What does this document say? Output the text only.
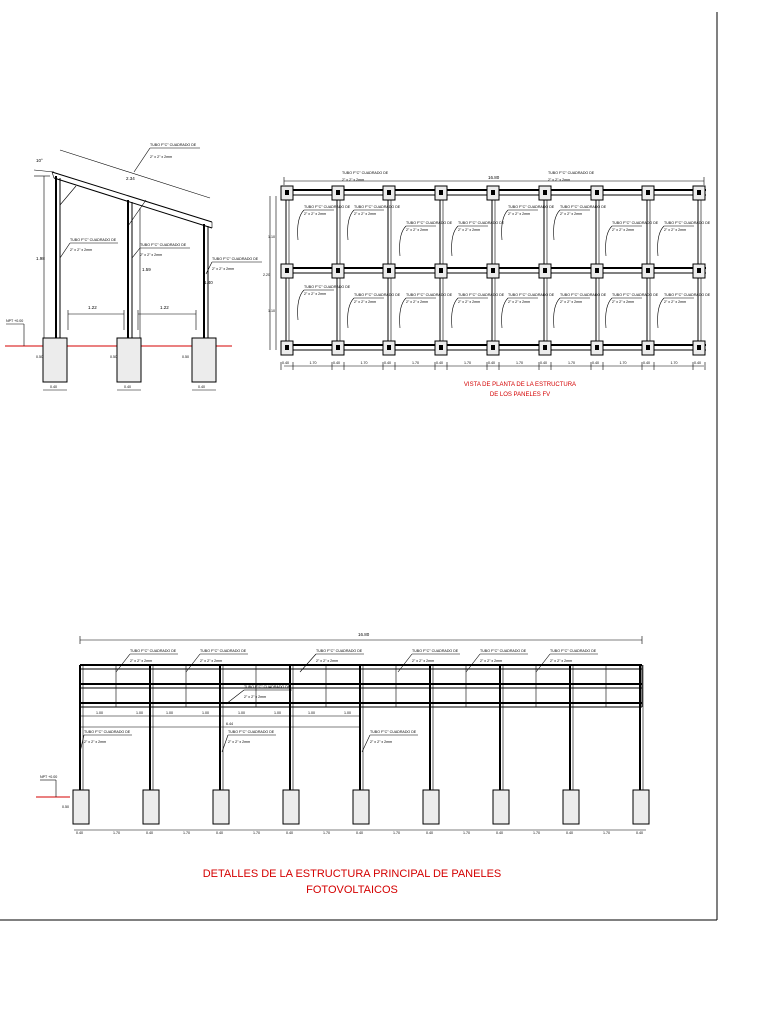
NPT +0.00
10°
2.34
1.98
1.59
1.40
1.22	1.22
0.50	0.50	0.50
0.40	0.40	0.40
TUBO F°C° CUADRADO DE
2" x 2" x 2mm
TUBO F°C° CUADRADO DE
2" x 2" x 2mm
TUBO F°C° CUADRADO DE
2" x 2" x 2mm
TUBO F°C° CUADRADO DE
2" x 2" x 2mm
16.80
1.10
1.10
2.20
TUBO F°C° CUADRADO DE
2" x 2" x 2mm
TUBO F°C° CUADRADO DE
2" x 2" x 2mm
TUBO F°C° CUADRADO DE
2" x 2" x 2mm
TUBO F°C° CUADRADO DE
2" x 2" x 2mm
TUBO F°C° CUADRADO DE
2" x 2" x 2mm
TUBO F°C° CUADRADO DE
2" x 2" x 2mm
TUBO F°C° CUADRADO DE
2" x 2" x 2mm
TUBO F°C° CUADRADO DE
2" x 2" x 2mm
TUBO F°C° CUADRADO DE
2" x 2" x 2mm	TUBO F°C° CUADRADO DE
2" x 2" x 2mm
TUBO F°C° CUADRADO DE
2" x 2" x 2mm
TUBO F°C° CUADRADO DE
2" x 2" x 2mm
TUBO F°C° CUADRADO DE
2" x 2" x 2mm
TUBO F°C° CUADRADO DE
2" x 2" x 2mm
TUBO F°C° CUADRADO DE
2" x 2" x 2mm
TUBO F°C° CUADRADO DE
2" x 2" x 2mm
TUBO F°C° CUADRADO DE
2" x 2" x 2mm
TUBO F°C° CUADRADO DE
2" x 2" x 2mm
0.40	1.70	0.40	1.70	0.40	1.70	0.40	1.70	0.40	1.70	0.40	1.70	0.40	1.70	0.40	1.70	0.40
VISTA DE PLANTA DE LA ESTRUCTURA
DE LOS PANELES FV
16.80
1.00	1.00	1.00	1.00	1.00	1.00	1.00	1.00
6.44
NPT +0.00
0.50
0.40	1.70	0.40	1.70	0.40	1.70	0.40	1.70	0.40	1.70	0.40	1.70	0.40	1.70	0.40	1.70	0.40
TUBO F°C° CUADRADO DE
2" x 2" x 2mm
TUBO F°C° CUADRADO DE
2" x 2" x 2mm
TUBO F°C° CUADRADO DE
2" x 2" x 2mm
TUBO F°C° CUADRADO DE
2" x 2" x 2mm
TUBO F°C° CUADRADO DE
2" x 2" x 2mm
TUBO F°C° CUADRADO DE
2" x 2" x 2mm
TUBO F°C° CUADRADO DE
2" x 2" x 2mm
TUBO F°C° CUADRADO DE
2" x 2" x 2mm
TUBO F°C° CUADRADO DE
2" x 2" x 2mm
TUBO F°C° CUADRADO DE
2" x 2" x 2mm
DETALLES DE LA ESTRUCTURA PRINCIPAL DE PANELES
FOTOVOLTAICOS
